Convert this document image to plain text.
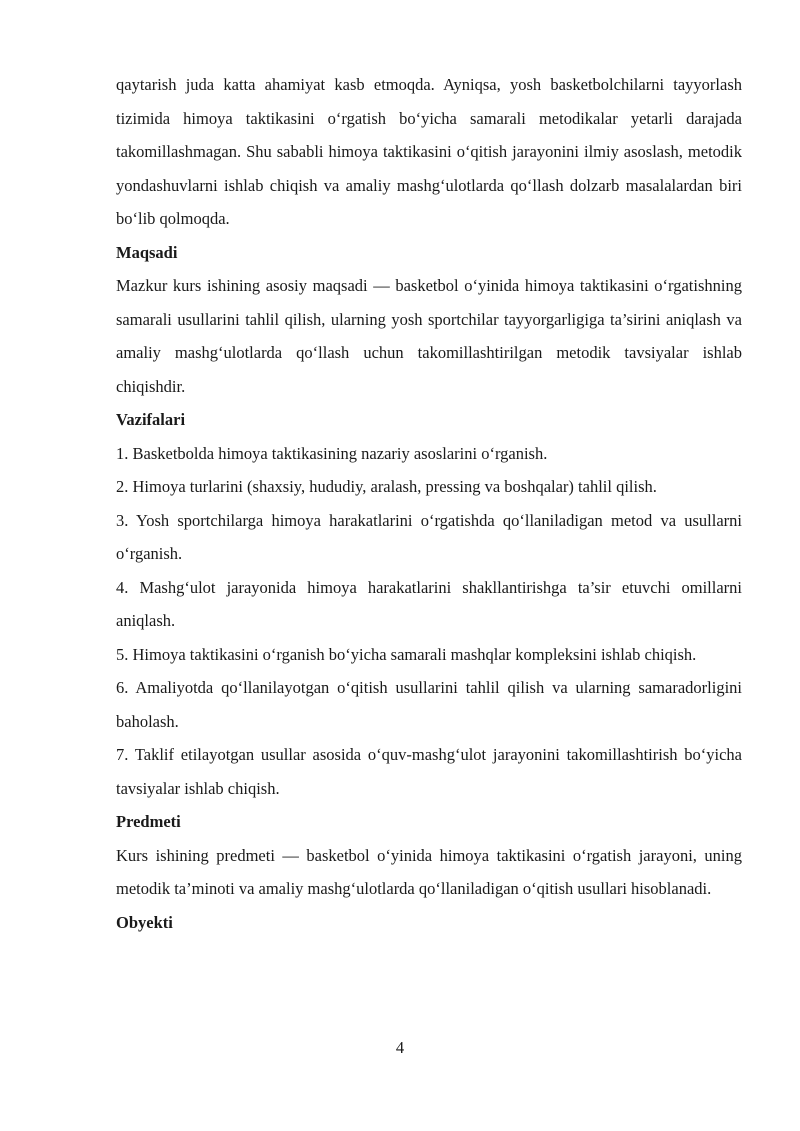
qaytarish juda katta ahamiyat kasb etmoqda. Ayniqsa, yosh basketbolchilarni tayyorlash tizimida himoya taktikasini o‘rgatish bo‘yicha samarali metodikalar yetarli darajada takomillashmagan. Shu sababli himoya taktikasini o‘qitish jarayonini ilmiy asoslash, metodik yondashuvlarni ishlab chiqish va amaliy mashg‘ulotlarda qo‘llash dolzarb masalalardan biri bo‘lib qolmoqda.

Maqsadi

Mazkur kurs ishining asosiy maqsadi — basketbol o‘yinida himoya taktikasini o‘rgatishning samarali usullarini tahlil qilish, ularning yosh sportchilar tayyorgarligiga ta’sirini aniqlash va amaliy mashg‘ulotlarda qo‘llash uchun takomillashtirilgan metodik tavsiyalar ishlab chiqishdir.

Vazifalari

1. Basketbolda himoya taktikasining nazariy asoslarini o‘rganish.

2. Himoya turlarini (shaxsiy, hududiy, aralash, pressing va boshqalar) tahlil qilish.

3. Yosh sportchilarga himoya harakatlarini o‘rgatishda qo‘llaniladigan metod va usullarni o‘rganish.

4. Mashg‘ulot jarayonida himoya harakatlarini shakllantirishga ta’sir etuvchi omillarni aniqlash.

5. Himoya taktikasini o‘rganish bo‘yicha samarali mashqlar kompleksini ishlab chiqish.

6. Amaliyotda qo‘llanilayotgan o‘qitish usullarini tahlil qilish va ularning samaradorligini baholash.

7. Taklif etilayotgan usullar asosida o‘quv-mashg‘ulot jarayonini takomillashtirish bo‘yicha tavsiyalar ishlab chiqish.

Predmeti

Kurs ishining predmeti — basketbol o‘yinida himoya taktikasini o‘rgatish jarayoni, uning metodik ta’minoti va amaliy mashg‘ulotlarda qo‘llaniladigan o‘qitish usullari hisoblanadi.

Obyekti

4
